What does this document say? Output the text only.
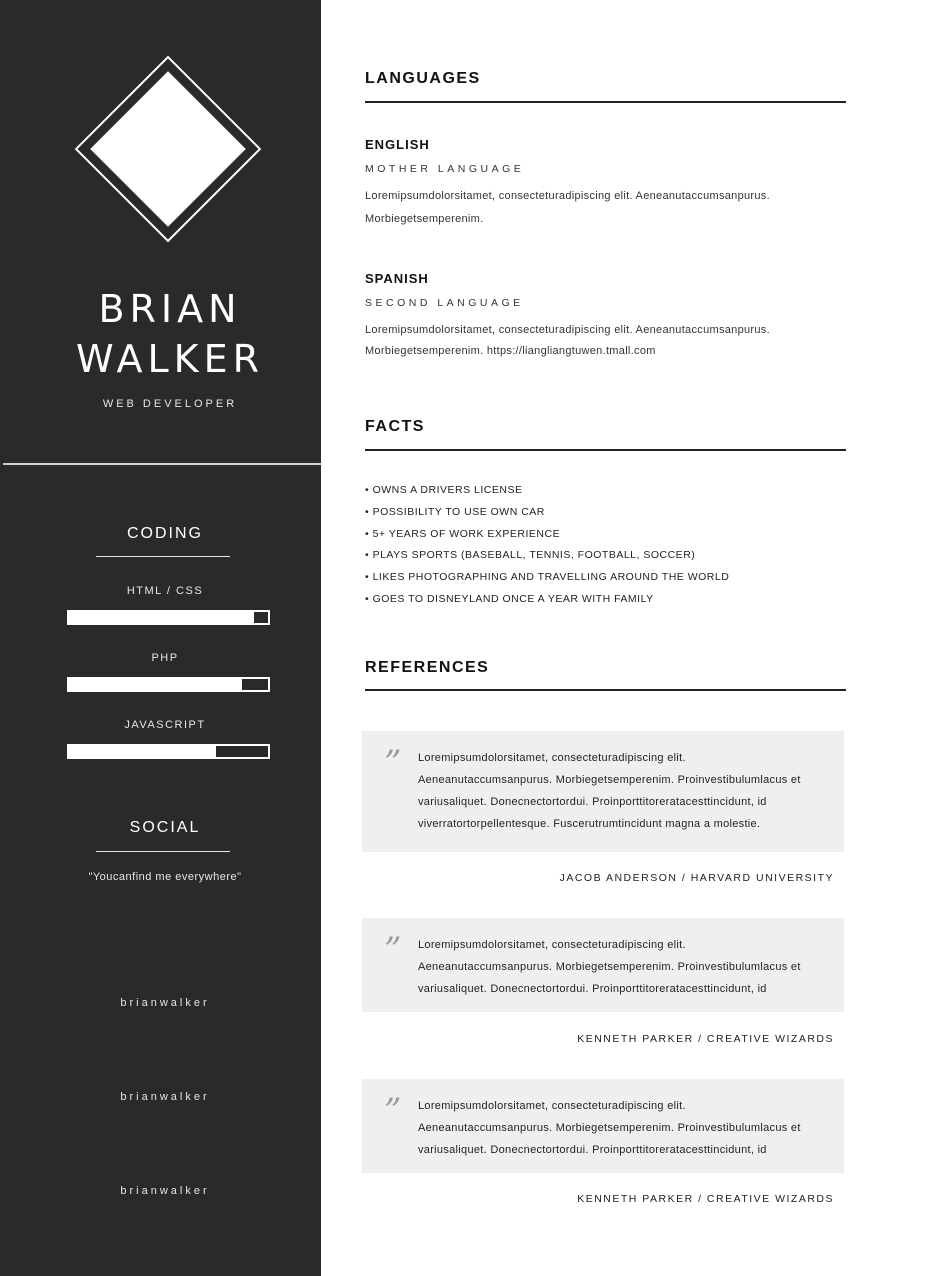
BRIAN
WALKER
WEB DEVELOPER
CODING
HTML / CSS
PHP
JAVASCRIPT
SOCIAL
"Youcanfind me everywhere"
brianwalker
brianwalker
brianwalker
LANGUAGES
ENGLISH
MOTHER LANGUAGE
Loremipsumdolorsitamet, consecteturadipiscing elit. Aeneanutaccumsanpurus.
Morbiegetsemperenim.
SPANISH
SECOND LANGUAGE
Loremipsumdolorsitamet, consecteturadipiscing elit. Aeneanutaccumsanpurus.
Morbiegetsemperenim. https://liangliangtuwen.tmall.com
FACTS
• OWNS A DRIVERS LICENSE
• POSSIBILITY TO USE OWN CAR
• 5+ YEARS OF WORK EXPERIENCE
• PLAYS SPORTS (BASEBALL, TENNIS, FOOTBALL, SOCCER)
• LIKES PHOTOGRAPHING AND TRAVELLING AROUND THE WORLD
• GOES TO DISNEYLAND ONCE A YEAR WITH FAMILY
REFERENCES
” Loremipsumdolorsitamet, consecteturadipiscing elit.
Aeneanutaccumsanpurus. Morbiegetsemperenim. Proinvestibulumlacus et
variusaliquet. Donecnectortordui. Proinporttitoreratacesttincidunt, id
viverratortorpellentesque. Fuscerutrumtincidunt magna a molestie.
JACOB ANDERSON / HARVARD UNIVERSITY
” Loremipsumdolorsitamet, consecteturadipiscing elit.
Aeneanutaccumsanpurus. Morbiegetsemperenim. Proinvestibulumlacus et
variusaliquet. Donecnectortordui. Proinporttitoreratacesttincidunt, id
KENNETH PARKER / CREATIVE WIZARDS
” Loremipsumdolorsitamet, consecteturadipiscing elit.
Aeneanutaccumsanpurus. Morbiegetsemperenim. Proinvestibulumlacus et
variusaliquet. Donecnectortordui. Proinporttitoreratacesttincidunt, id
KENNETH PARKER / CREATIVE WIZARDS
